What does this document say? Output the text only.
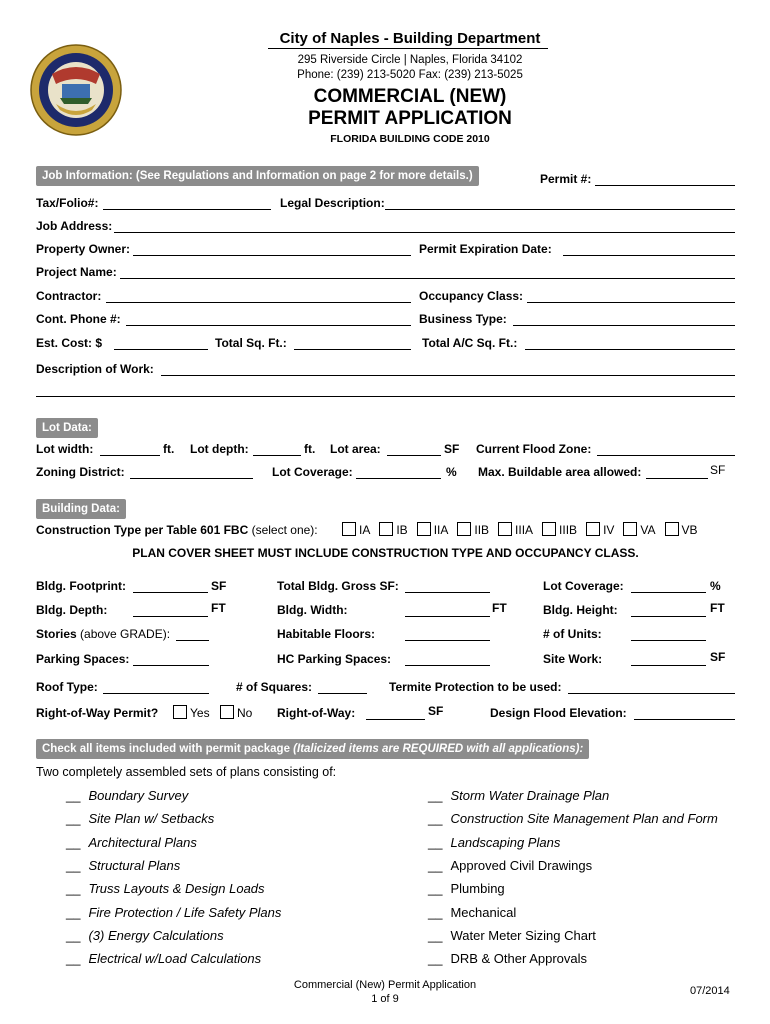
City of Naples - Building Department
295 Riverside Circle | Naples, Florida 34102
Phone: (239) 213-5020 Fax: (239) 213-5025
COMMERCIAL (NEW)
PERMIT APPLICATION
FLORIDA BUILDING CODE 2010
Job Information: (See Regulations and Information on page 2 for more details.)	Permit #:
Tax/Folio#:	Legal Description:
Job Address:
Property Owner:	Permit Expiration Date:
Project Name:
Contractor:	Occupancy Class:
Cont. Phone #:	Business Type:
Est. Cost: $	Total Sq. Ft.:	Total A/C Sq. Ft.:
Description of Work:
Lot Data:
Lot width:	ft. Lot depth:	ft. Lot area:	SF Current Flood Zone:
Zoning District:	Lot Coverage:	% Max. Buildable area allowed:	SF
Building Data:
Construction Type per Table 601 FBC (select one):	IA IB IIA IIB IIIA IIIB IV VA VB
PLAN COVER SHEET MUST INCLUDE CONSTRUCTION TYPE AND OCCUPANCY CLASS.
Bldg. Footprint:	SF	Total Bldg. Gross SF:	Lot Coverage:	%
Bldg. Depth:	FT	Bldg. Width:	FT	Bldg. Height:	FT
Stories (above GRADE):	Habitable Floors:	# of Units:
Parking Spaces:	HC Parking Spaces:	Site Work:	SF
Roof Type:	# of Squares:	Termite Protection to be used:
Right-of-Way Permit?	Yes	No Right-of-Way:	SF	Design Flood Elevation:
Check all items included with permit package (Italicized items are REQUIRED with all applications):
Two completely assembled sets of plans consisting of:
__ Boundary Survey
__ Site Plan w/ Setbacks
__ Architectural Plans
__ Structural Plans
__ Truss Layouts & Design Loads
__ Fire Protection / Life Safety Plans
__ (3) Energy Calculations
__ Electrical w/Load Calculations
__ Storm Water Drainage Plan
__ Construction Site Management Plan and Form
__ Landscaping Plans
__ Approved Civil Drawings
__ Plumbing
__ Mechanical
__ Water Meter Sizing Chart
__ DRB & Other Approvals
Commercial (New) Permit Application
1 of 9
07/2014
